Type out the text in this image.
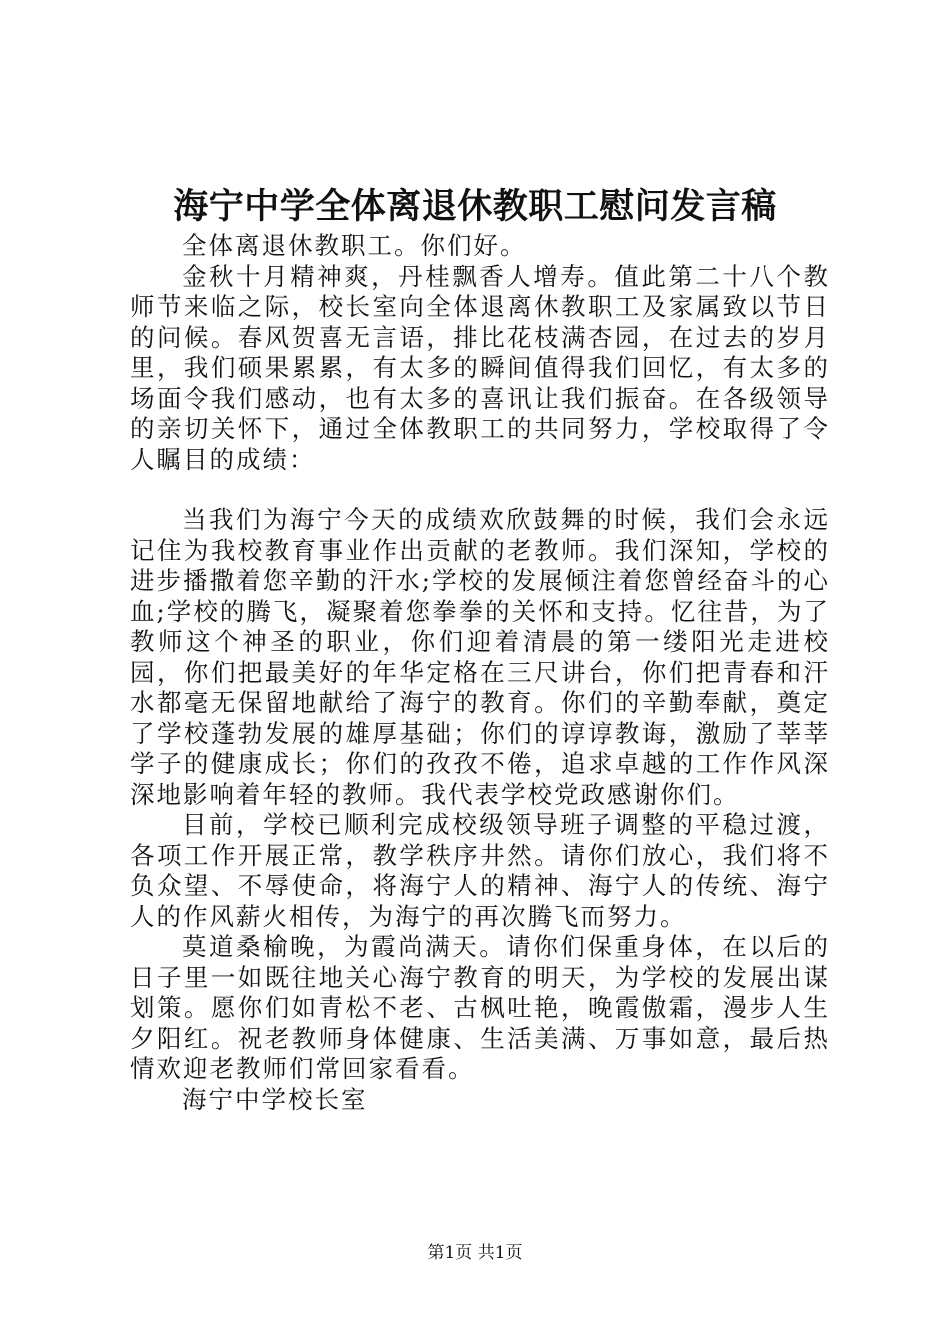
海宁中学全体离退休教职工慰问发言稿

全体离退休教职工。你们好。

金秋十月精神爽，丹桂飘香人增寿。值此第二十八个教师节来临之际，校长室向全体退离休教职工及家属致以节日的问候。春风贺喜无言语，排比花枝满杏园，在过去的岁月里，我们硕果累累，有太多的瞬间值得我们回忆，有太多的场面令我们感动，也有太多的喜讯让我们振奋。在各级领导的亲切关怀下，通过全体教职工的共同努力，学校取得了令人瞩目的成绩：

当我们为海宁今天的成绩欢欣鼓舞的时候，我们会永远记住为我校教育事业作出贡献的老教师。我们深知，学校的进步播撒着您辛勤的汗水;学校的发展倾注着您曾经奋斗的心血;学校的腾飞，凝聚着您拳拳的关怀和支持。忆往昔，为了教师这个神圣的职业，你们迎着清晨的第一缕阳光走进校园，你们把最美好的年华定格在三尺讲台，你们把青春和汗水都毫无保留地献给了海宁的教育。你们的辛勤奉献，奠定了学校蓬勃发展的雄厚基础；你们的谆谆教诲，激励了莘莘学子的健康成长；你们的孜孜不倦，追求卓越的工作作风深深地影响着年轻的教师。我代表学校党政感谢你们。

目前，学校已顺利完成校级领导班子调整的平稳过渡，各项工作开展正常，教学秩序井然。请你们放心，我们将不负众望、不辱使命，将海宁人的精神、海宁人的传统、海宁人的作风薪火相传，为海宁的再次腾飞而努力。

莫道桑榆晚，为霞尚满天。请你们保重身体，在以后的日子里一如既往地关心海宁教育的明天，为学校的发展出谋划策。愿你们如青松不老、古枫吐艳，晚霞傲霜，漫步人生夕阳红。祝老教师身体健康、生活美满、万事如意，最后热情欢迎老教师们常回家看看。

海宁中学校长室

第1页 共1页
